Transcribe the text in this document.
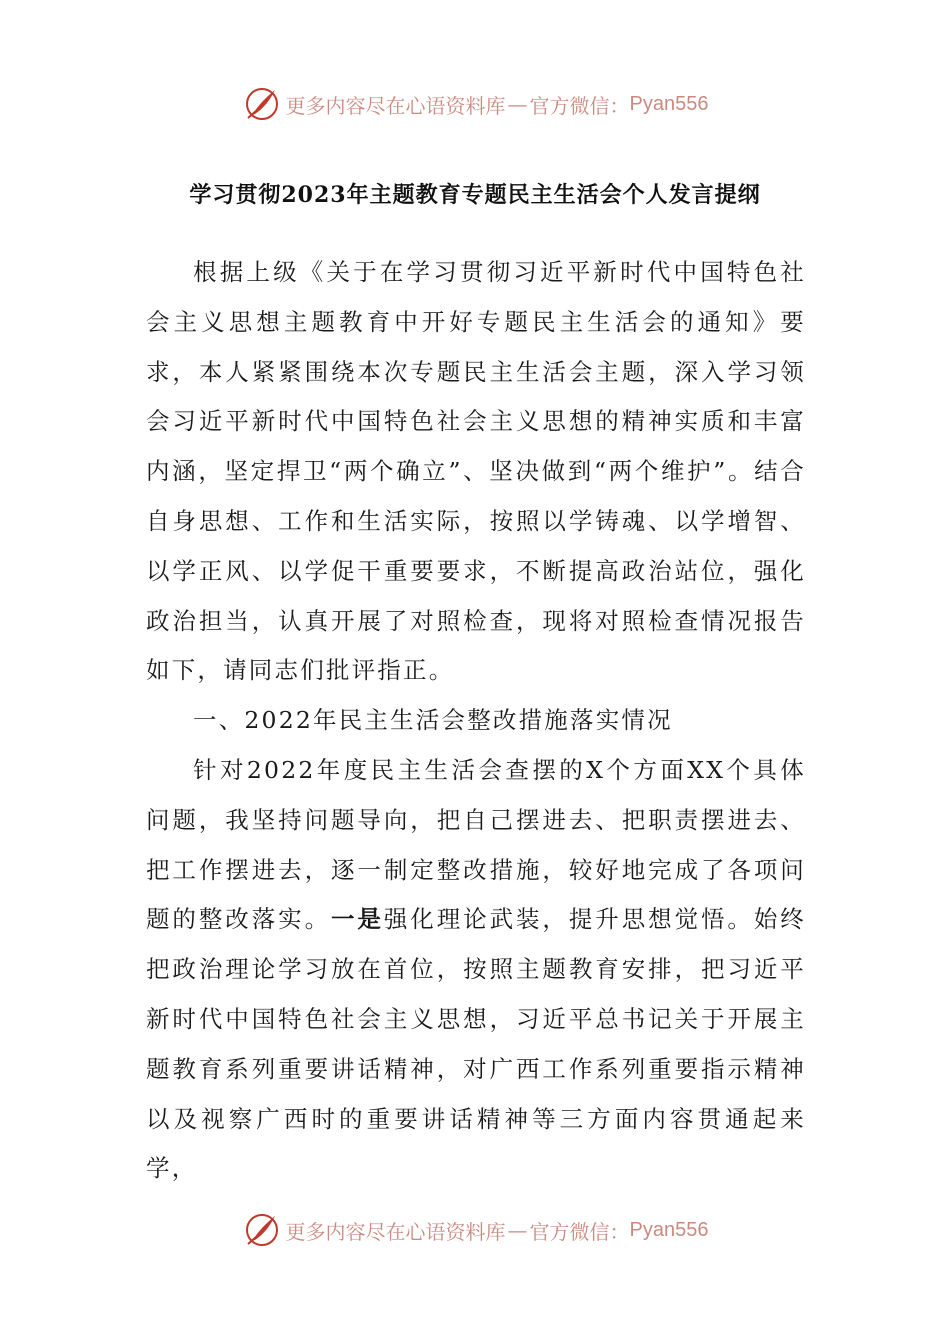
更多内容尽在心语资料库 — 官方微信： Pyan556
学习贯彻2023年主题教育专题民主生活会个人发言提纲

根据上级《关于在学习贯彻习近平新时代中国特色社会主义思想主题教育中开好专题民主生活会的通知》要求，本人紧紧围绕本次专题民主生活会主题，深入学习领会习近平新时代中国特色社会主义思想的精神实质和丰富内涵，坚定捍卫“两个确立”、坚决做到“两个维护”。结合自身思想、工作和生活实际，按照以学铸魂、以学增智、以学正风、以学促干重要要求，不断提高政治站位，强化政治担当，认真开展了对照检查，现将对照检查情况报告如下，请同志们批评指正。

一、2022年民主生活会整改措施落实情况

针对2022年度民主生活会查摆的X个方面XX个具体问题，我坚持问题导向，把自己摆进去、把职责摆进去、把工作摆进去，逐一制定整改措施，较好地完成了各项问题的整改落实。一是强化理论武装，提升思想觉悟。始终把政治理论学习放在首位，按照主题教育安排，把习近平新时代中国特色社会主义思想，习近平总书记关于开展主题教育系列重要讲话精神，对广西工作系列重要指示精神以及视察广西时的重要讲话精神等三方面内容贯通起来学，

更多内容尽在心语资料库 — 官方微信： Pyan556
